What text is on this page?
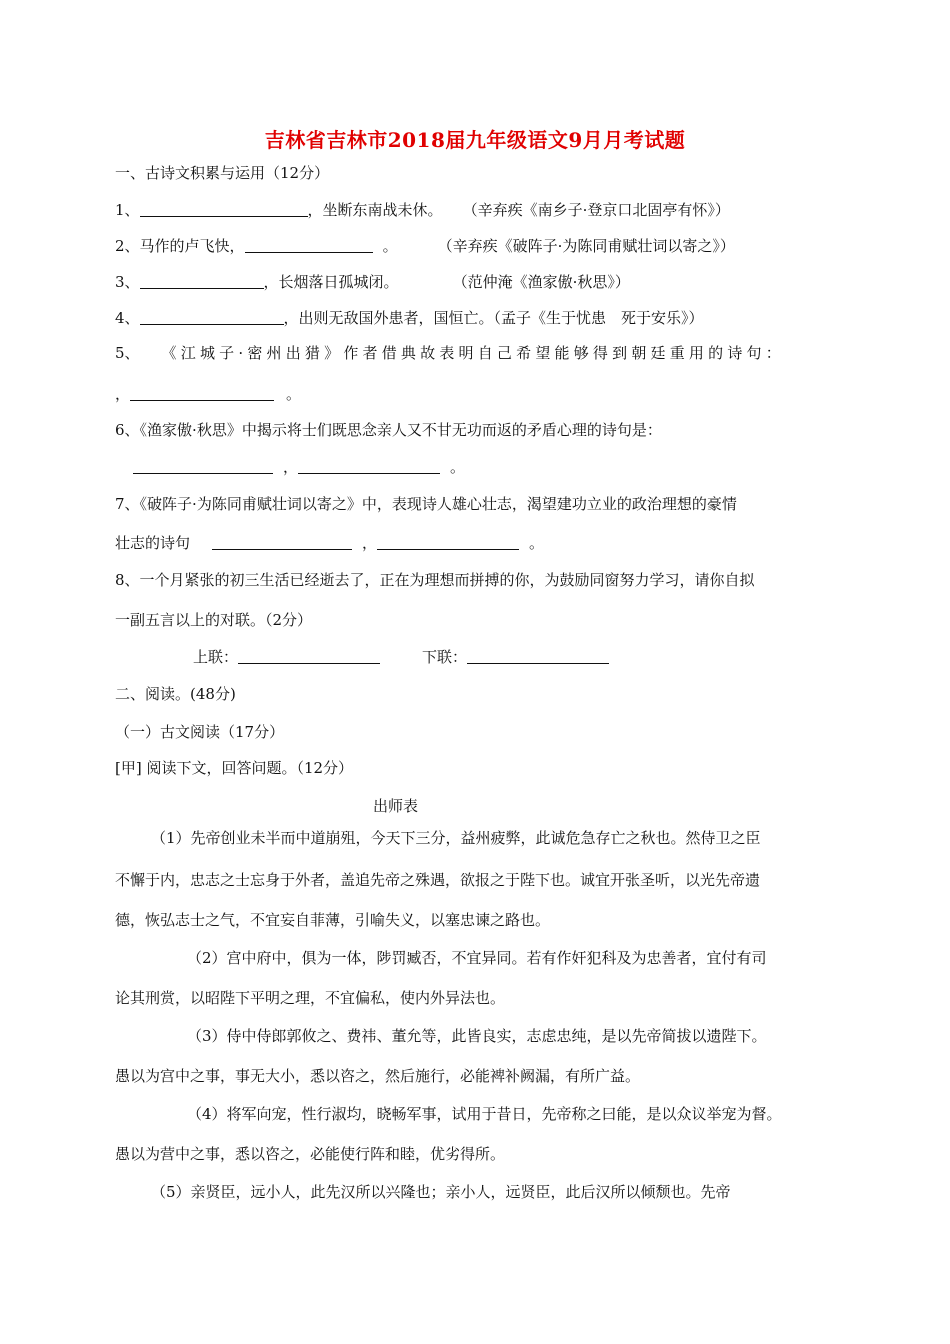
吉林省吉林市2018届九年级语文9月月考试题
一、古诗文积累与运用（12分）
1、	，坐断东南战未休。 （辛弃疾《南乡子·登京口北固亭有怀》）
2、马作的卢飞快，	。	（辛弃疾《破阵子·为陈同甫赋壮词以寄之》）
3、	，长烟落日孤城闭。	（范仲淹《渔家傲·秋思》）
4、	，出则无敌国外患者，国恒亡。（孟子《生于忧患　死于安乐》）
5、 《江城子·密州出猎》作者借典故表明自己希望能够得到朝廷重用的诗句：
，	。
6、《渔家傲·秋思》中揭示将士们既思念亲人又不甘无功而返的矛盾心理的诗句是：
，	。
7、《破阵子·为陈同甫赋壮词以寄之》中，表现诗人雄心壮志，渴望建功立业的政治理想的豪情
壮志的诗句	，	。
8、一个月紧张的初三生活已经逝去了，正在为理想而拼搏的你，为鼓励同窗努力学习，请你自拟
一副五言以上的对联。（2分）
上联：	下联：
二、阅读。(48分)
（一）古文阅读（17分）
[甲] 阅读下文，回答问题。（12分）
出师表
（1）先帝创业未半而中道崩殂，今天下三分，益州疲弊，此诚危急存亡之秋也。然侍卫之臣
不懈于内，忠志之士忘身于外者，盖追先帝之殊遇，欲报之于陛下也。诚宜开张圣听，以光先帝遗
德，恢弘志士之气，不宜妄自菲薄，引喻失义，以塞忠谏之路也。
（2）宫中府中，俱为一体，陟罚臧否，不宜异同。若有作奸犯科及为忠善者，宜付有司
论其刑赏，以昭陛下平明之理，不宜偏私，使内外异法也。
（3）侍中侍郎郭攸之、费祎、董允等，此皆良实，志虑忠纯，是以先帝简拔以遗陛下。
愚以为宫中之事，事无大小，悉以咨之，然后施行，必能裨补阙漏，有所广益。
（4）将军向宠，性行淑均，晓畅军事，试用于昔日，先帝称之曰能，是以众议举宠为督。
愚以为营中之事，悉以咨之，必能使行阵和睦，优劣得所。
（5）亲贤臣，远小人，此先汉所以兴隆也；亲小人，远贤臣，此后汉所以倾颓也。先帝
